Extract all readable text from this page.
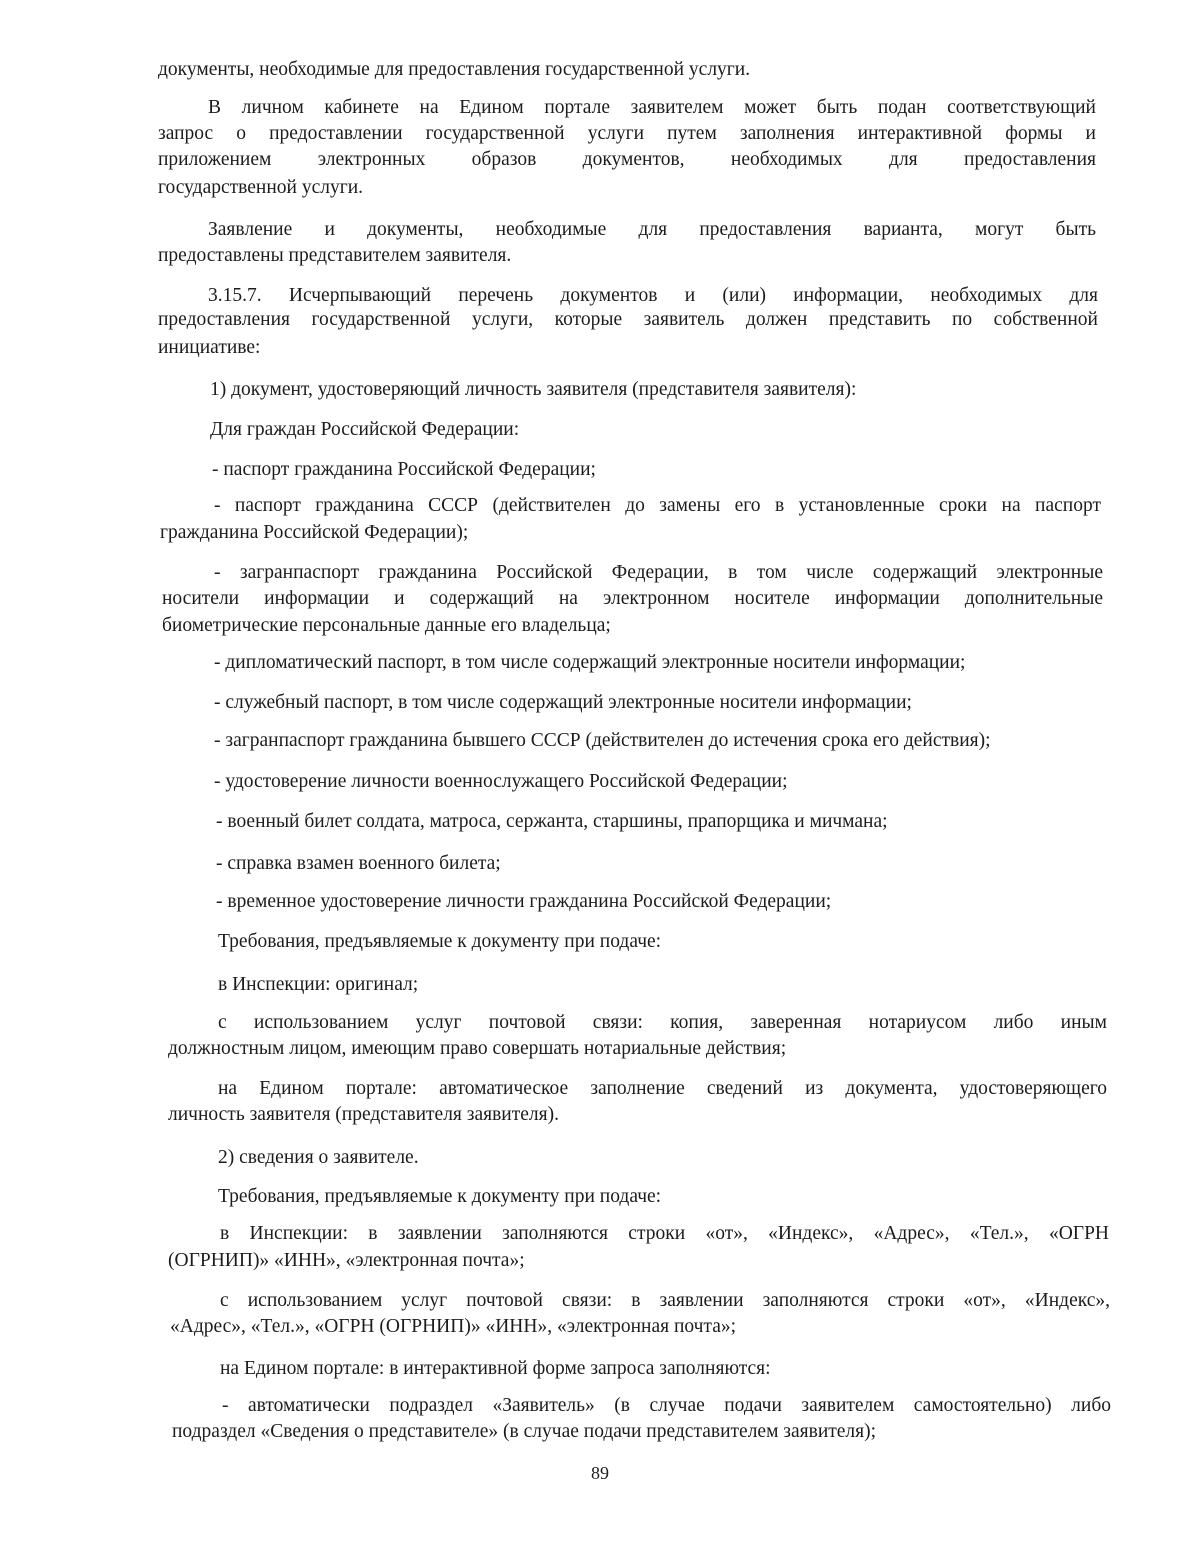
документы, необходимые для предоставления государственной услуги.
В личном кабинете на Едином портале заявителем может быть подан соответствующий
запрос о предоставлении государственной услуги путем заполнения интерактивной формы и
приложением электронных образов документов, необходимых для предоставления
государственной услуги.
Заявление и документы, необходимые для предоставления варианта, могут быть
предоставлены представителем заявителя.
3.15.7. Исчерпывающий перечень документов и (или) информации, необходимых для
предоставления государственной услуги, которые заявитель должен представить по собственной
инициативе:
1) документ, удостоверяющий личность заявителя (представителя заявителя):
Для граждан Российской Федерации:
- паспорт гражданина Российской Федерации;
- паспорт гражданина СССР (действителен до замены его в установленные сроки на паспорт
гражданина Российской Федерации);
- загранпаспорт гражданина Российской Федерации, в том числе содержащий электронные
носители информации и содержащий на электронном носителе информации дополнительные
биометрические персональные данные его владельца;
- дипломатический паспорт, в том числе содержащий электронные носители информации;
- служебный паспорт, в том числе содержащий электронные носители информации;
- загранпаспорт гражданина бывшего СССР (действителен до истечения срока его действия);
- удостоверение личности военнослужащего Российской Федерации;
- военный билет солдата, матроса, сержанта, старшины, прапорщика и мичмана;
- справка взамен военного билета;
- временное удостоверение личности гражданина Российской Федерации;
Требования, предъявляемые к документу при подаче:
в Инспекции: оригинал;
с использованием услуг почтовой связи: копия, заверенная нотариусом либо иным
должностным лицом, имеющим право совершать нотариальные действия;
на Едином портале: автоматическое заполнение сведений из документа, удостоверяющего
личность заявителя (представителя заявителя).
2) сведения о заявителе.
Требования, предъявляемые к документу при подаче:
в Инспекции: в заявлении заполняются строки «от», «Индекс», «Адрес», «Тел.», «ОГРН
(ОГРНИП)» «ИНН», «электронная почта»;
с использованием услуг почтовой связи: в заявлении заполняются строки «от», «Индекс»,
«Адрес», «Тел.», «ОГРН (ОГРНИП)» «ИНН», «электронная почта»;
на Едином портале: в интерактивной форме запроса заполняются:
- автоматически подраздел «Заявитель» (в случае подачи заявителем самостоятельно) либо
подраздел «Сведения о представителе» (в случае подачи представителем заявителя);
89
